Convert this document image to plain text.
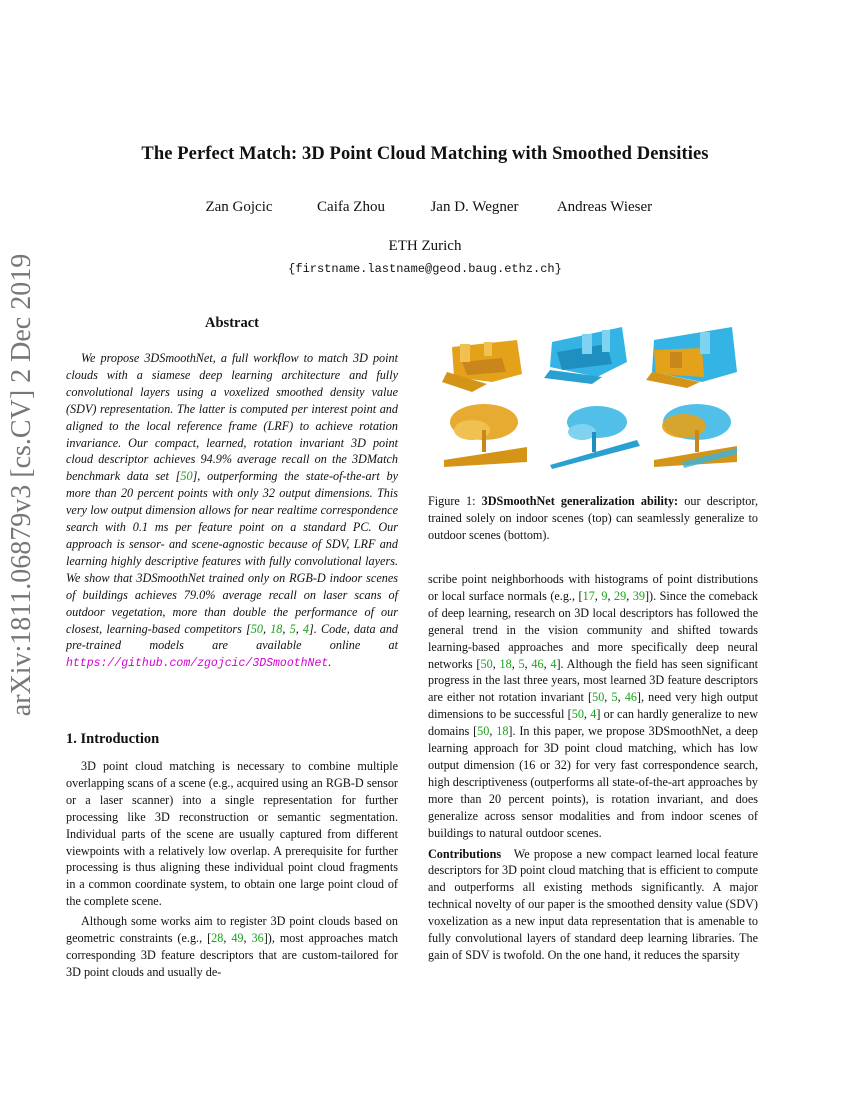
The Perfect Match: 3D Point Cloud Matching with Smoothed Densities
Zan Gojcic	Caifa Zhou	Jan D. Wegner	Andreas Wieser
ETH Zurich
{firstname.lastname@geod.baug.ethz.ch}
arXiv:1811.06879v3 [cs.CV] 2 Dec 2019	Abstract

We propose 3DSmoothNet, a full workflow to match 3D point clouds with a siamese deep learning architecture and fully convolutional layers using a voxelized smoothed density value (SDV) representation. The latter is computed per interest point and aligned to the local reference frame (LRF) to achieve rotation invariance. Our compact, learned, rotation invariant 3D point cloud descriptor achieves 94.9% average recall on the 3DMatch benchmark data set [50], outperforming the state-of-the-art by more than 20 percent points with only 32 output dimensions. This very low output dimension allows for near realtime correspondence search with 0.1 ms per feature point on a standard PC. Our approach is sensor- and scene-agnostic because of SDV, LRF and learning highly descriptive features with fully convolutional layers. We show that 3DSmoothNet trained only on RGB-D indoor scenes of buildings achieves 79.0% average recall on laser scans of outdoor vegetation, more than double the performance of our closest, learning-based competitors [50, 18, 5, 4]. Code, data and pre-trained models are available online at https://github.com/zgojcic/3DSmoothNet.

1. Introduction

3D point cloud matching is necessary to combine multiple overlapping scans of a scene (e.g., acquired using an RGB-D sensor or a laser scanner) into a single representation for further processing like 3D reconstruction or semantic segmentation. Individual parts of the scene are usually captured from different viewpoints with a relatively low overlap. A prerequisite for further processing is thus aligning these individual point cloud fragments in a common coordinate system, to obtain one large point cloud of the complete scene.

Although some works aim to register 3D point clouds based on geometric constraints (e.g., [28, 49, 36]), most approaches match corresponding 3D feature descriptors that are custom-tailored for 3D point clouds and usually de-

Figure 1: 3DSmoothNet generalization ability: our descriptor, trained solely on indoor scenes (top) can seamlessly generalize to outdoor scenes (bottom).

scribe point neighborhoods with histograms of point distributions or local surface normals (e.g., [17, 9, 29, 39]). Since the comeback of deep learning, research on 3D local descriptors has followed the general trend in the vision community and shifted towards learning-based approaches and more specifically deep neural networks [50, 18, 5, 46, 4]. Although the field has seen significant progress in the last three years, most learned 3D feature descriptors are either not rotation invariant [50, 5, 46], need very high output dimensions to be successful [50, 4] or can hardly generalize to new domains [50, 18]. In this paper, we propose 3DSmoothNet, a deep learning approach for 3D point cloud matching, which has low output dimension (16 or 32) for very fast correspondence search, high descriptiveness (outperforms all state-of-the-art approaches by more than 20 percent points), is rotation invariant, and does generalize across sensor modalities and from indoor scenes of buildings to natural outdoor scenes.

Contributions We propose a new compact learned local feature descriptors for 3D point cloud matching that is efficient to compute and outperforms all existing methods significantly. A major technical novelty of our paper is the smoothed density value (SDV) voxelization as a new input data representation that is amenable to fully convolutional layers of standard deep learning libraries. The gain of SDV is twofold. On the one hand, it reduces the sparsity
